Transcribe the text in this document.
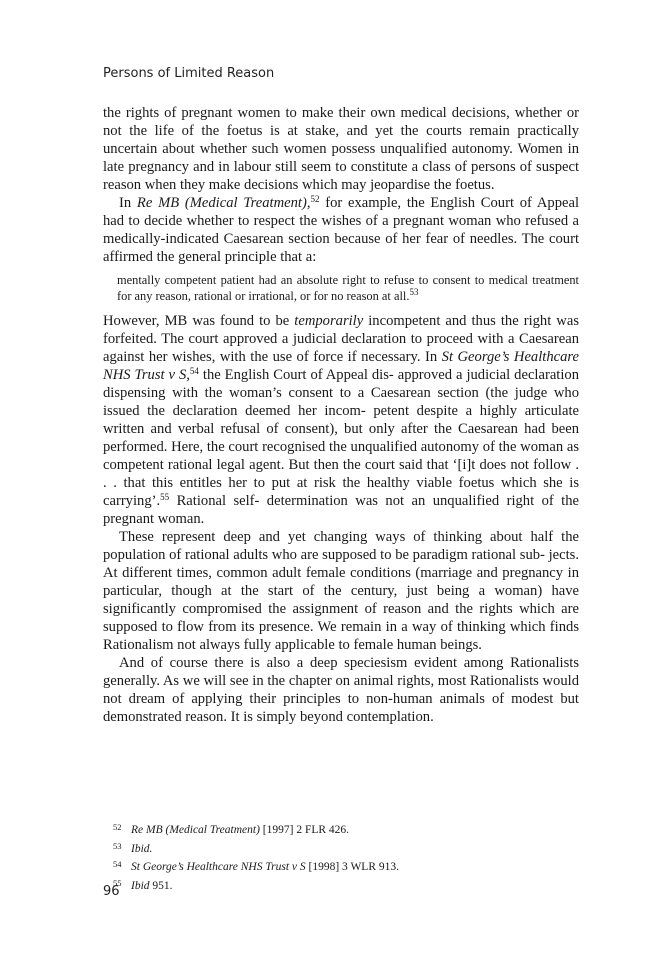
Persons of Limited Reason

the rights of pregnant women to make their own medical decisions, whether or not the life of the foetus is at stake, and yet the courts remain practically uncertain about whether such women possess unqualified autonomy. Women in late pregnancy and in labour still seem to constitute a class of persons of suspect reason when they make decisions which may jeopardise the foetus.

In Re MB (Medical Treatment),$^{52}$ for example, the English Court of Appeal had to decide whether to respect the wishes of a pregnant woman who refused a medically-indicated Caesarean section because of her fear of needles. The court affirmed the general principle that a:

mentally competent patient had an absolute right to refuse to consent to medical treatment for any reason, rational or irrational, or for no reason at all.$^{53}$

However, MB was found to be temporarily incompetent and thus the right was forfeited. The court approved a judicial declaration to proceed with a Caesarean against her wishes, with the use of force if necessary. In St George’s Healthcare NHS Trust v S,$^{54}$ the English Court of Appeal dis- approved a judicial declaration dispensing with the woman’s consent to a Caesarean section (the judge who issued the declaration deemed her incom- petent despite a highly articulate written and verbal refusal of consent), but only after the Caesarean had been performed. Here, the court recognised the unqualified autonomy of the woman as competent rational legal agent. But then the court said that ‘[i]t does not follow . . . that this entitles her to put at risk the healthy viable foetus which she is carrying’.$^{55}$ Rational self- determination was not an unqualified right of the pregnant woman.

These represent deep and yet changing ways of thinking about half the population of rational adults who are supposed to be paradigm rational sub- jects. At different times, common adult female conditions (marriage and pregnancy in particular, though at the start of the century, just being a woman) have significantly compromised the assignment of reason and the rights which are supposed to flow from its presence. We remain in a way of thinking which finds Rationalism not always fully applicable to female human beings.

And of course there is also a deep speciesism evident among Rationalists generally. As we will see in the chapter on animal rights, most Rationalists would not dream of applying their principles to non-human animals of modest but demonstrated reason. It is simply beyond contemplation.

52 Re MB (Medical Treatment) [1997] 2 FLR 426.
53 Ibid.
54 St George’s Healthcare NHS Trust v S [1998] 3 WLR 913.
55 Ibid 951.
96
